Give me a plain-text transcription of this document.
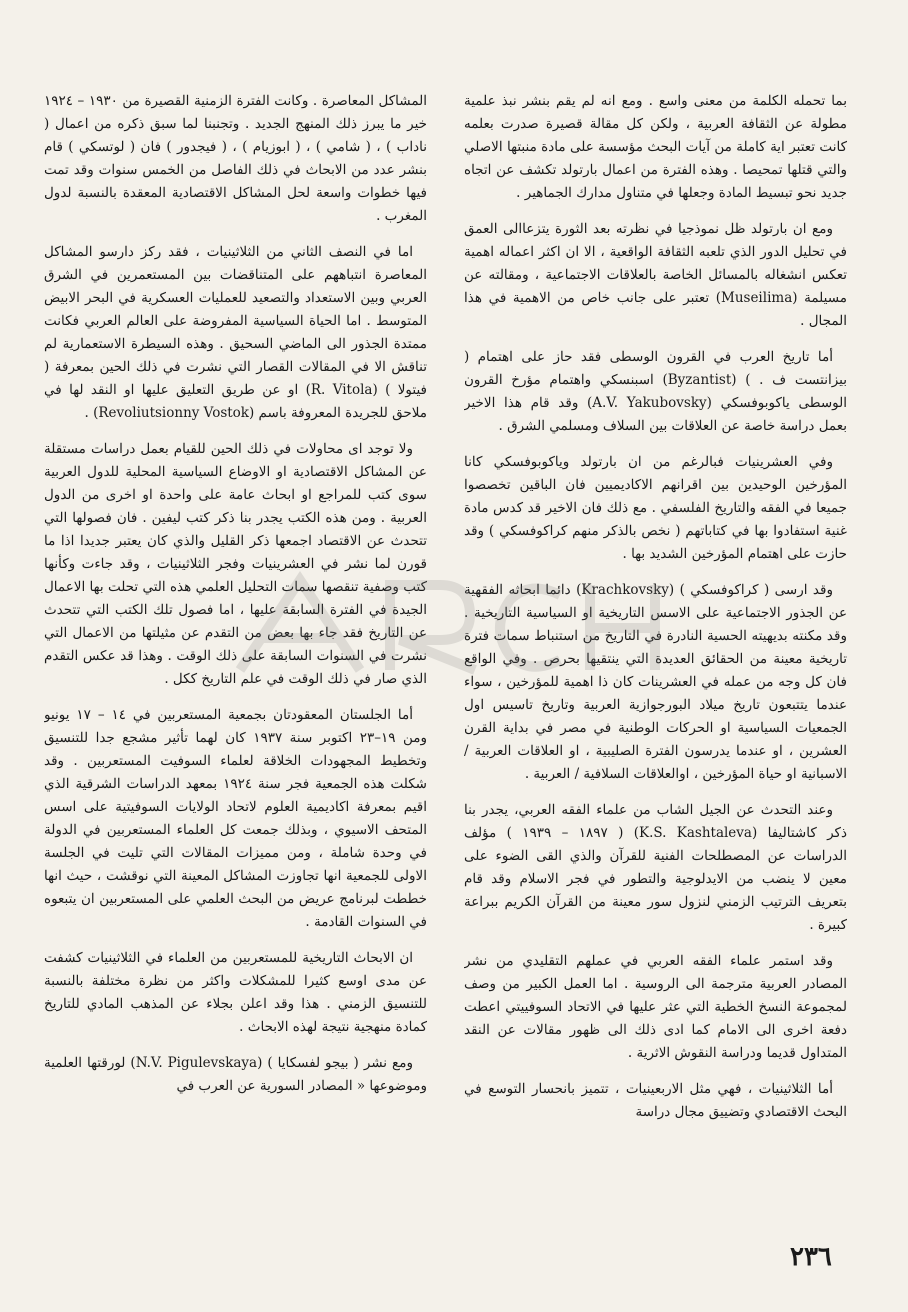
بما تحمله الكلمة من معنى واسع . ومع انه لم يقم بنشر نبذ علمية مطولة عن الثقافة العربية ، ولكن كل مقالة قصيرة صدرت بعلمه كانت تعتبر اية كاملة من آيات البحث مؤسسة على مادة منبتها الاصلي والتي قتلها تمحيصا . وهذه الفترة من اعمال بارتولد تكشف عن اتجاه جديد نحو تبسيط المادة وجعلها في متناول مدارك الجماهير .

ومع ان بارتولد ظل نموذجيا في نظرته بعد الثورة يتزعاالى العمق في تحليل الدور الذي تلعبه الثقافة الواقعية ، الا ان اكثر اعماله اهمية تعكس انشغاله بالمسائل الخاصة بالعلاقات الاجتماعية ، ومقالته عن مسيلمة (Museilima) تعتبر على جانب خاص من الاهمية في هذا المجال .

أما تاريخ العرب في القرون الوسطى فقد حاز على اهتمام ( بيزانتست ف . ) (Byzantist) اسبنسكي واهتمام مؤرخ القرون الوسطى ياكوبوفسكي (A.V. Yakubovsky) وقد قام هذا الاخير بعمل دراسة خاصة عن العلاقات بين السلاف ومسلمي الشرق .

وفي العشرينيات فبالرغم من ان بارتولد وياكوبوفسكي كانا المؤرخين الوحيدين بين اقرانهم الاكاديميين فان الباقين تخصصوا جميعا في الفقه والتاريخ الفلسفي . مع ذلك فان الاخير قد كدس مادة غنية استفادوا بها في كتاباتهم ( نخص بالذكر منهم كراكوفسكي ) وقد حازت على اهتمام المؤرخين الشديد بها .

وقد ارسى ( كراكوفسكي ) (Krachkovsky) دائما ابحاثه الفقهية عن الجذور الاجتماعية على الاسس التاريخية او السياسية التاريخية . وقد مكنته بديهيته الحسية النادرة في التاريخ من استنباط سمات فترة تاريخية معينة من الحقائق العديدة التي ينتقيها بحرص . وفي الواقع فان كل وجه من عمله في العشرينات كان ذا اهمية للمؤرخين ، سواء عندما يتتبعون تاريخ ميلاد البورجوازية العربية وتاريخ تاسيس اول الجمعيات السياسية او الحركات الوطنية في مصر في بداية القرن العشرين ، او عندما يدرسون الفترة الصليبية ، او العلاقات العربية / الاسبانية او حياة المؤرخين ، اوالعلاقات السلافية / العربية .

وعند التحدث عن الجيل الشاب من علماء الفقه العربي، يجدر بنا ذكر كاشتاليفا (K.S. Kashtaleva) ( ١٨٩٧ – ١٩٣٩ ) مؤلف الدراسات عن المصطلحات الفنية للقرآن والذي القى الضوء على معين لا ينضب من الايدلوجية والتطور في فجر الاسلام وقد قام بتعريف الترتيب الزمني لنزول سور معينة من القرآن الكريم ببراعة كبيرة .

وقد استمر علماء الفقه العربي في عملهم التقليدي من نشر المصادر العربية مترجمة الى الروسية . اما العمل الكبير من وصف لمجموعة النسخ الخطية التي عثر عليها في الاتحاد السوفييتي اعطت دفعة اخرى الى الامام كما ادى ذلك الى ظهور مقالات عن النقد المتداول قديما ودراسة النقوش الاثرية .

أما الثلاثينيات ، فهي مثل الاربعينيات ، تتميز بانحسار التوسع في البحث الاقتصادي وتضييق مجال دراسة

المشاكل المعاصرة . وكانت الفترة الزمنية القصيرة من ١٩٣٠ – ١٩٢٤ خير ما يبرز ذلك المنهج الجديد . وتجنبنا لما سبق ذكره من اعمال ( ناداب ) ، ( شامي ) ، ( ابوزيام ) ، ( فيجدور ) فان ( لوتسكي ) قام بنشر عدد من الابحاث في ذلك الفاصل من الخمس سنوات وقد تمت فيها خطوات واسعة لحل المشاكل الاقتصادية المعقدة بالنسبة لدول المغرب .

اما في النصف الثاني من الثلاثينيات ، فقد ركز دارسو المشاكل المعاصرة انتباههم على المتناقضات بين المستعمرين في الشرق العربي وبين الاستعداد والتصعيد للعمليات العسكرية في البحر الابيض المتوسط . اما الحياة السياسية المفروضة على العالم العربي فكانت ممتدة الجذور الى الماضي السحيق . وهذه السيطرة الاستعمارية لم تناقش الا في المقالات القصار التي نشرت في ذلك الحين بمعرفة ( فيتولا ) (R. Vitola) او عن طريق التعليق عليها او النقد لها في ملاحق للجريدة المعروفة باسم (Revoliutsionny Vostok) .

ولا توجد اى محاولات في ذلك الحين للقيام بعمل دراسات مستقلة عن المشاكل الاقتصادية او الاوضاع السياسية المحلية للدول العربية سوى كتب للمراجع او ابحاث عامة على واحدة او اخرى من الدول العربية . ومن هذه الكتب يجدر بنا ذكر كتب ليفين . فان فصولها التي تتحدث عن الاقتصاد اجمعها ذكر القليل والذي كان يعتبر جديدا اذا ما قورن لما نشر في العشرينيات وفجر الثلاثينيات ، وقد جاءت وكأنها كتب وصفية تنقصها سمات التحليل العلمي هذه التي تحلت بها الاعمال الجيدة في الفترة السابقة عليها ، اما فصول تلك الكتب التي تتحدث عن التاريخ فقد جاء بها بعض من التقدم عن مثيلتها من الاعمال التي نشرت في السنوات السابقة على ذلك الوقت . وهذا قد عكس التقدم الذي صار في ذلك الوقت في علم التاريخ ككل .

أما الجلستان المعقودتان بجمعية المستعربين في ١٤ – ١٧ يونيو ومن ١٩–٢٣ اكتوبر سنة ١٩٣٧ كان لهما تأثير مشجع جدا للتنسيق وتخطيط المجهودات الخلاقة لعلماء السوفيت المستعربين . وقد شكلت هذه الجمعية فجر سنة ١٩٢٤ بمعهد الدراسات الشرقية الذي اقيم بمعرفة اكاديمية العلوم لاتحاد الولايات السوفيتية على اسس المتحف الاسيوي ، وبذلك جمعت كل العلماء المستعربين في الدولة في وحدة شاملة ، ومن مميزات المقالات التي تليت في الجلسة الاولى للجمعية انها تجاوزت المشاكل المعينة التي نوقشت ، حيث انها خططت لبرنامج عريض من البحث العلمي على المستعربين ان يتبعوه في السنوات القادمة .

ان الابحاث التاريخية للمستعربين من العلماء في الثلاثينيات كشفت عن مدى اوسع كثيرا للمشكلات واكثر من نظرة مختلفة بالنسبة للتنسيق الزمني . هذا وقد اعلن بجلاء عن المذهب المادي للتاريخ كمادة منهجية نتيجة لهذه الابحاث .

ومع نشر ( بيجو لفسكايا ) (N.V. Pigulevskaya) لورقتها العلمية وموضوعها « المصادر السورية عن العرب في

٢٣٦
